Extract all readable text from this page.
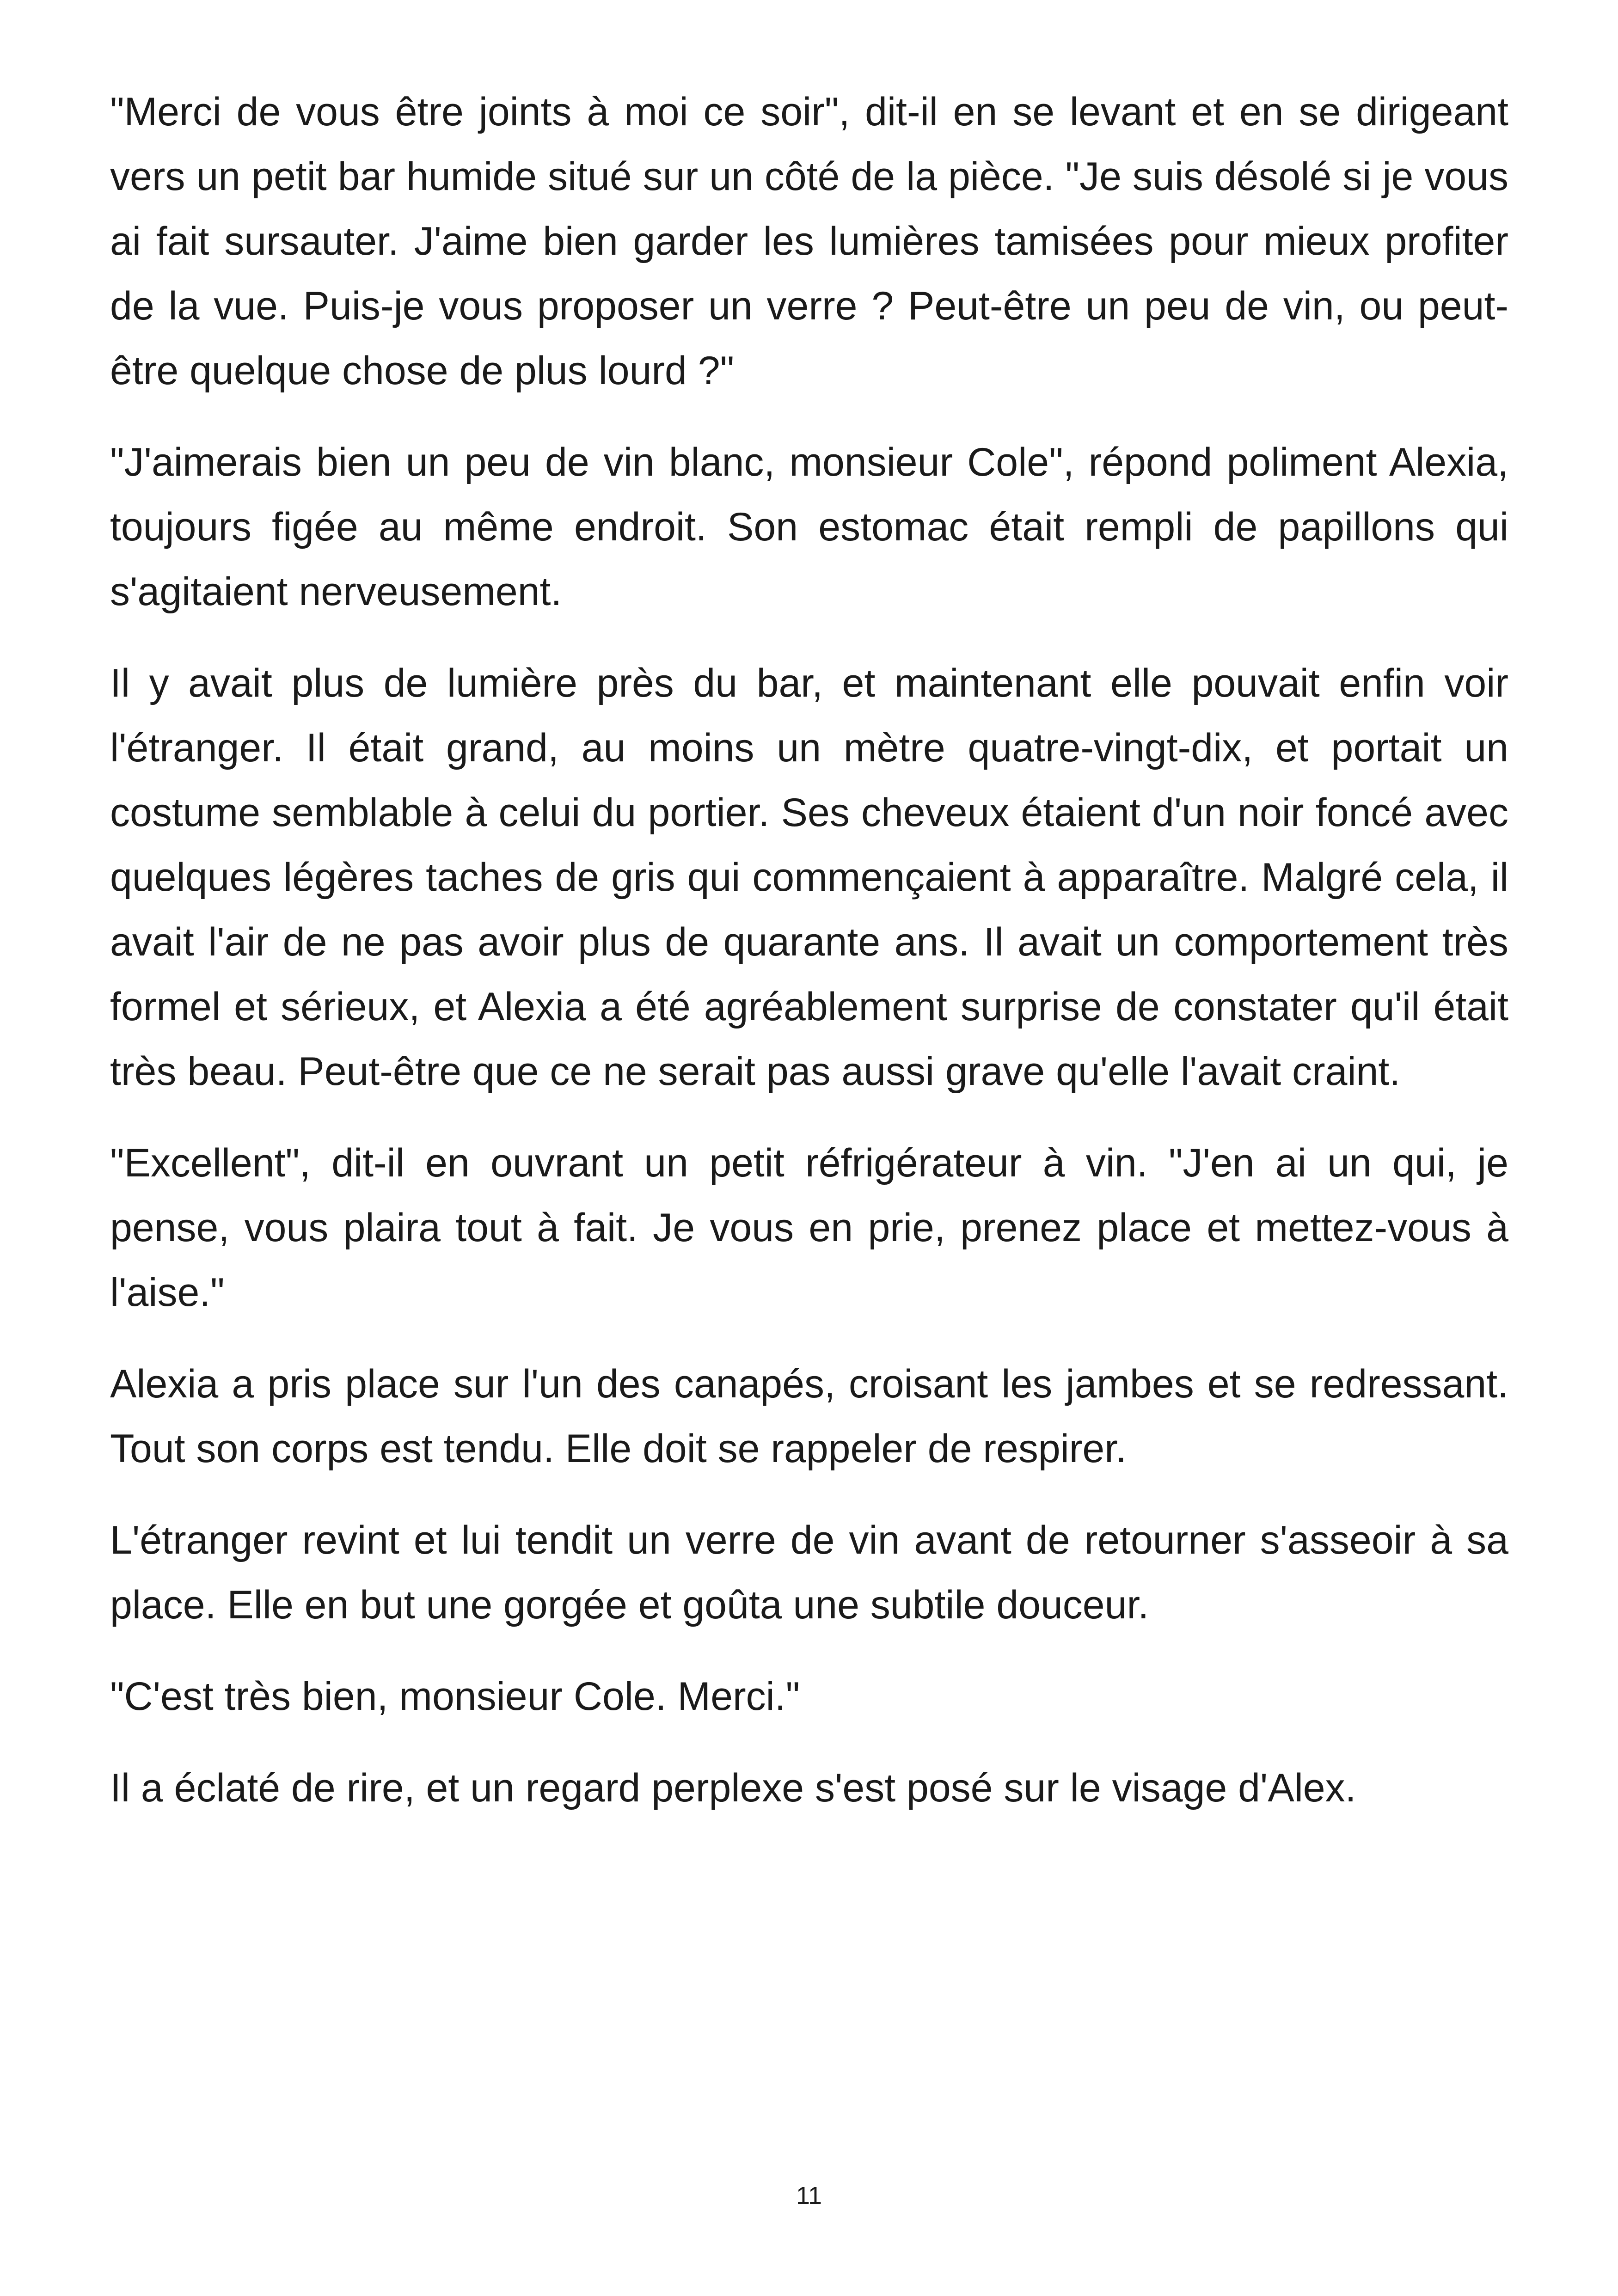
"Merci de vous être joints à moi ce soir", dit-il en se levant et en se dirigeant vers un petit bar humide situé sur un côté de la pièce. "Je suis désolé si je vous ai fait sursauter. J'aime bien garder les lumières tamisées pour mieux profiter de la vue. Puis-je vous proposer un verre ? Peut-être un peu de vin, ou peut-être quelque chose de plus lourd ?"

"J'aimerais bien un peu de vin blanc, monsieur Cole", répond poliment Alexia, toujours figée au même endroit. Son estomac était rempli de papillons qui s'agitaient nerveusement.

Il y avait plus de lumière près du bar, et maintenant elle pouvait enfin voir l'étranger. Il était grand, au moins un mètre quatre-vingt-dix, et portait un costume semblable à celui du portier. Ses cheveux étaient d'un noir foncé avec quelques légères taches de gris qui commençaient à apparaître. Malgré cela, il avait l'air de ne pas avoir plus de quarante ans. Il avait un comportement très formel et sérieux, et Alexia a été agréablement surprise de constater qu'il était très beau. Peut-être que ce ne serait pas aussi grave qu'elle l'avait craint.

"Excellent", dit-il en ouvrant un petit réfrigérateur à vin. "J'en ai un qui, je pense, vous plaira tout à fait. Je vous en prie, prenez place et mettez-vous à l'aise."

Alexia a pris place sur l'un des canapés, croisant les jambes et se redressant. Tout son corps est tendu. Elle doit se rappeler de respirer.

L'étranger revint et lui tendit un verre de vin avant de retourner s'asseoir à sa place. Elle en but une gorgée et goûta une subtile douceur.

"C'est très bien, monsieur Cole. Merci."

Il a éclaté de rire, et un regard perplexe s'est posé sur le visage d'Alex.

11
